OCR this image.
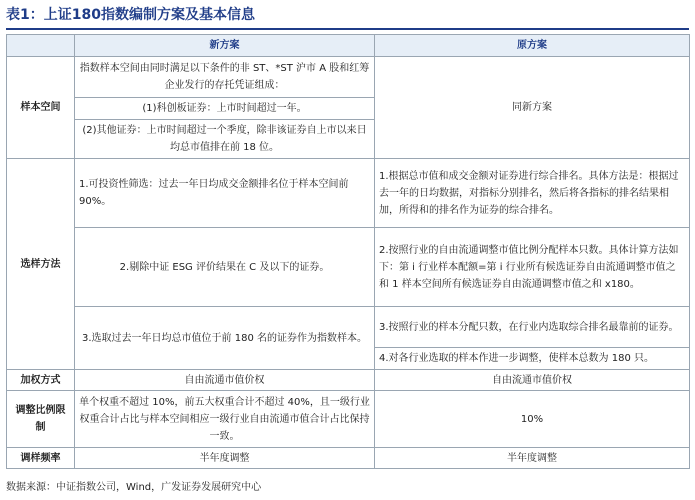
表1：上证180指数编制方案及基本信息
	新方案	原方案
样本空间	指数样本空间由同时满足以下条件的非 ST、*ST 沪市 A 股和红筹企业发行的存托凭证组成：	同新方案
	(1)科创板证券：上市时间超过一年。	
	(2)其他证券：上市时间超过一个季度，除非该证券自上市以来日均总市值排在前 18 位。	
选样方法	1.可投资性筛选：过去一年日均成交金额排名位于样本空间前 90%。	1.根据总市值和成交金额对证券进行综合排名。具体方法是：根据过去一年的日均数据，对指标分别排名，然后将各指标的排名结果相加，所得和的排名作为证券的综合排名。
	2.剔除中证 ESG 评价结果在 C 及以下的证券。	2.按照行业的自由流通调整市值比例分配样本只数。具体计算方法如下：第 i 行业样本配额=第 i 行业所有候选证券自由流通调整市值之和 1 样本空间所有候选证券自由流通调整市值之和 x180。
	3.选取过去一年日均总市值位于前 180 名的证券作为指数样本。	3.按照行业的样本分配只数，在行业内选取综合排名最靠前的证券。
		4.对各行业选取的样本作进一步调整，使样本总数为 180 只。
加权方式	自由流通市值价权	自由流通市值价权
调整比例限制	单个权重不超过 10%，前五大权重合计不超过 40%，且一级行业权重合计占比与样本空间相应一级行业自由流通市值合计占比保持一致。	10%
调样频率	半年度调整	半年度调整
数据来源：中证指数公司，Wind，广发证券发展研究中心
